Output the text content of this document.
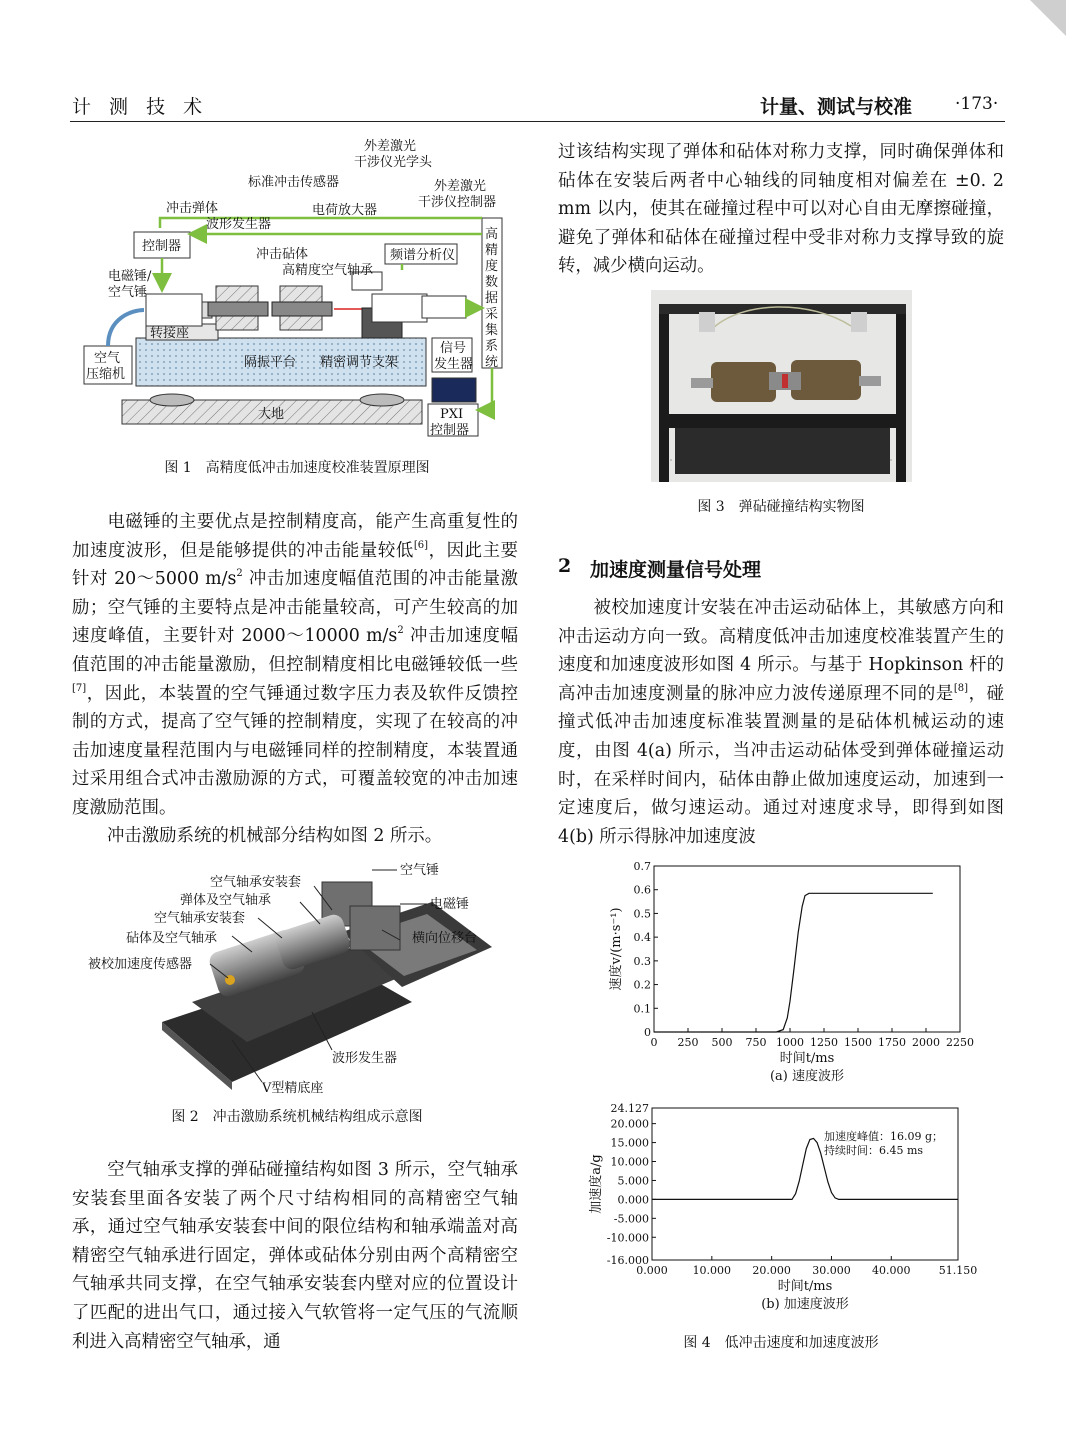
计 测 技 术	计量、测试与校准	·173·
外差激光
干涉仪光学头
标准冲击传感器	外差激光
干涉仪控制器
冲击弹体
波形发生器
电荷放大器
控制器
冲击砧体
高精度空气轴承
频谱分析仪
高
精
度
数
据
采
集
系
统
电磁锤/
空气锤
转接座
空气
压缩机
隔振平台 精密调节支架
信号
发生器
PXI
控制器
大地
图 1　高精度低冲击加速度校准装置原理图

电磁锤的主要优点是控制精度高，能产生高重复性的加速度波形，但是能够提供的冲击能量较低[6]，因此主要针对 20～5000 $m/s^2$ 冲击加速度幅值范围的冲击能量激励；空气锤的主要特点是冲击能量较高，可产生较高的加速度峰值，主要针对 2000～10000 $m/s^2$ 冲击加速度幅值范围的冲击能量激励，但控制精度相比电磁锤较低一些[7]，因此，本装置的空气锤通过数字压力表及软件反馈控制的方式，提高了空气锤的控制精度，实现了在较高的冲击加速度量程范围内与电磁锤同样的控制精度，本装置通过采用组合式冲击激励源的方式，可覆盖较宽的冲击加速度激励范围。

冲击激励系统的机械部分结构如图 2 所示。

空气锤
空气轴承安装套
电磁锤
弹体及空气轴承
空气轴承安装套
横向位移台
砧体及空气轴承
被校加速度传感器
波形发生器
V型精底座
图 2　冲击激励系统机械结构组成示意图

空气轴承支撑的弹砧碰撞结构如图 3 所示，空气轴承安装套里面各安装了两个尺寸结构相同的高精密空气轴承，通过空气轴承安装套中间的限位结构和轴承端盖对高精密空气轴承进行固定，弹体或砧体分别由两个高精密空气轴承共同支撑，在空气轴承安装套内壁对应的位置设计了匹配的进出气口，通过接入气软管将一定气压的气流顺利进入高精密空气轴承，通

过该结构实现了弹体和砧体对称力支撑，同时确保弹体和砧体在安装后两者中心轴线的同轴度相对偏差在 ±0. 2 mm 以内，使其在碰撞过程中可以对心自由无摩擦碰撞，避免了弹体和砧体在碰撞过程中受非对称力支撑导致的旋转，减少横向运动。

图 3　弹砧碰撞结构实物图
2 加速度测量信号处理

被校加速度计安装在冲击运动砧体上，其敏感方向和冲击运动方向一致。高精度低冲击加速度校准装置产生的速度和加速度波形如图 4 所示。与基于 Hopkinson 杆的高冲击加速度测量的脉冲应力波传递原理不同的是[8]，碰撞式低冲击加速度标准装置测量的是砧体机械运动的速度，由图 4(a) 所示，当冲击运动砧体受到弹体碰撞运动时，在采样时间内，砧体由静止做加速度运动，加速到一定速度后，做匀速运动。通过对速度求导，即得到如图 4(b) 所示得脉冲加速度波

0
0.1
0.2
0.3
0.4
0.5
0.6
0.7
0 250 500 750 1000 1250 1500 1750 2000 2250
时间t/ms
(a) 速度波形
速度v/(m·s⁻¹)
-16.000
-10.000
-5.000
0.000
5.000
10.000
15.000
20.000
24.127
0.000 10.000 20.000 30.000 40.000	51.150
时间t/ms
(b) 加速度波形
加速度a/g
加速度峰值：16.09 g；
持续时间：6.45 ms
图 4　低冲击速度和加速度波形
